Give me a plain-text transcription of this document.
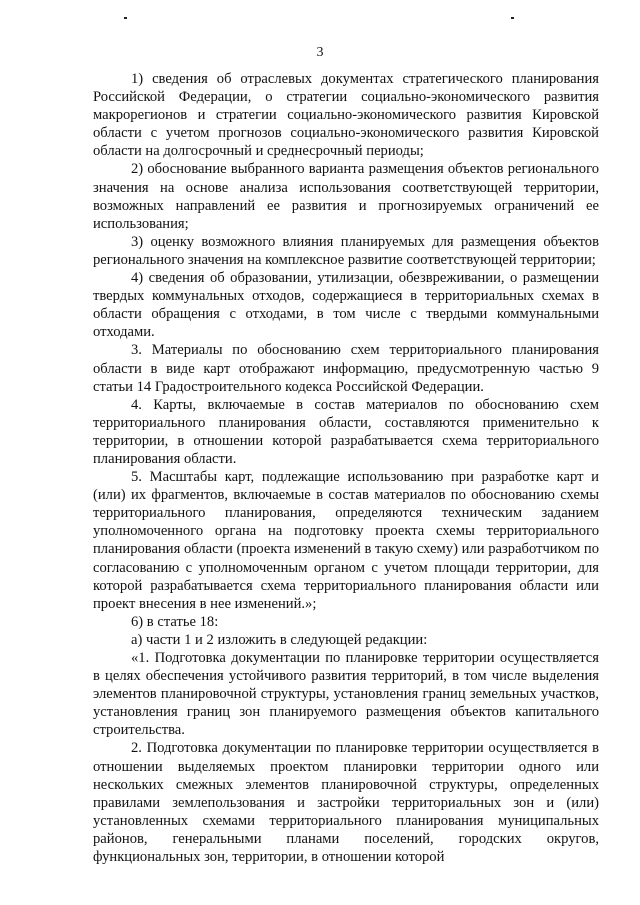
3

1) сведения об отраслевых документах стратегического планирования Российской Федерации, о стратегии социально-экономического развития макрорегионов и стратегии социально-экономического развития Кировской области с учетом прогнозов социально-экономического развития Кировской области на долгосрочный и среднесрочный периоды;

2) обоснование выбранного варианта размещения объектов регионального значения на основе анализа использования соответствующей территории, возможных направлений ее развития и прогнозируемых ограничений ее использования;

3) оценку возможного влияния планируемых для размещения объектов регионального значения на комплексное развитие соответствующей территории;

4) сведения об образовании, утилизации, обезвреживании, о размещении твердых коммунальных отходов, содержащиеся в территориальных схемах в области обращения с отходами, в том числе с твердыми коммунальными отходами.

3. Материалы по обоснованию схем территориального планирования области в виде карт отображают информацию, предусмотренную частью 9 статьи 14 Градостроительного кодекса Российской Федерации.

4. Карты, включаемые в состав материалов по обоснованию схем территориального планирования области, составляются применительно к территории, в отношении которой разрабатывается схема территориального планирования области.

5. Масштабы карт, подлежащие использованию при разработке карт и (или) их фрагментов, включаемые в состав материалов по обоснованию схемы территориального планирования, определяются техническим заданием уполномоченного органа на подготовку проекта схемы территориального планирования области (проекта изменений в такую схему) или разработчиком по согласованию с уполномоченным органом с учетом площади территории, для которой разрабатывается схема территориального планирования области или проект внесения в нее изменений.»;

6) в статье 18:

а) части 1 и 2 изложить в следующей редакции:

«1. Подготовка документации по планировке территории осуществляется в целях обеспечения устойчивого развития территорий, в том числе выделения элементов планировочной структуры, установления границ земельных участков, установления границ зон планируемого размещения объектов капитального строительства.

2. Подготовка документации по планировке территории осуществляется в отношении выделяемых проектом планировки территории одного или нескольких смежных элементов планировочной структуры, определенных правилами землепользования и застройки территориальных зон и (или) установленных схемами территориального планирования муниципальных районов, генеральными планами поселений, городских округов, функциональных зон, территории, в отношении которой
